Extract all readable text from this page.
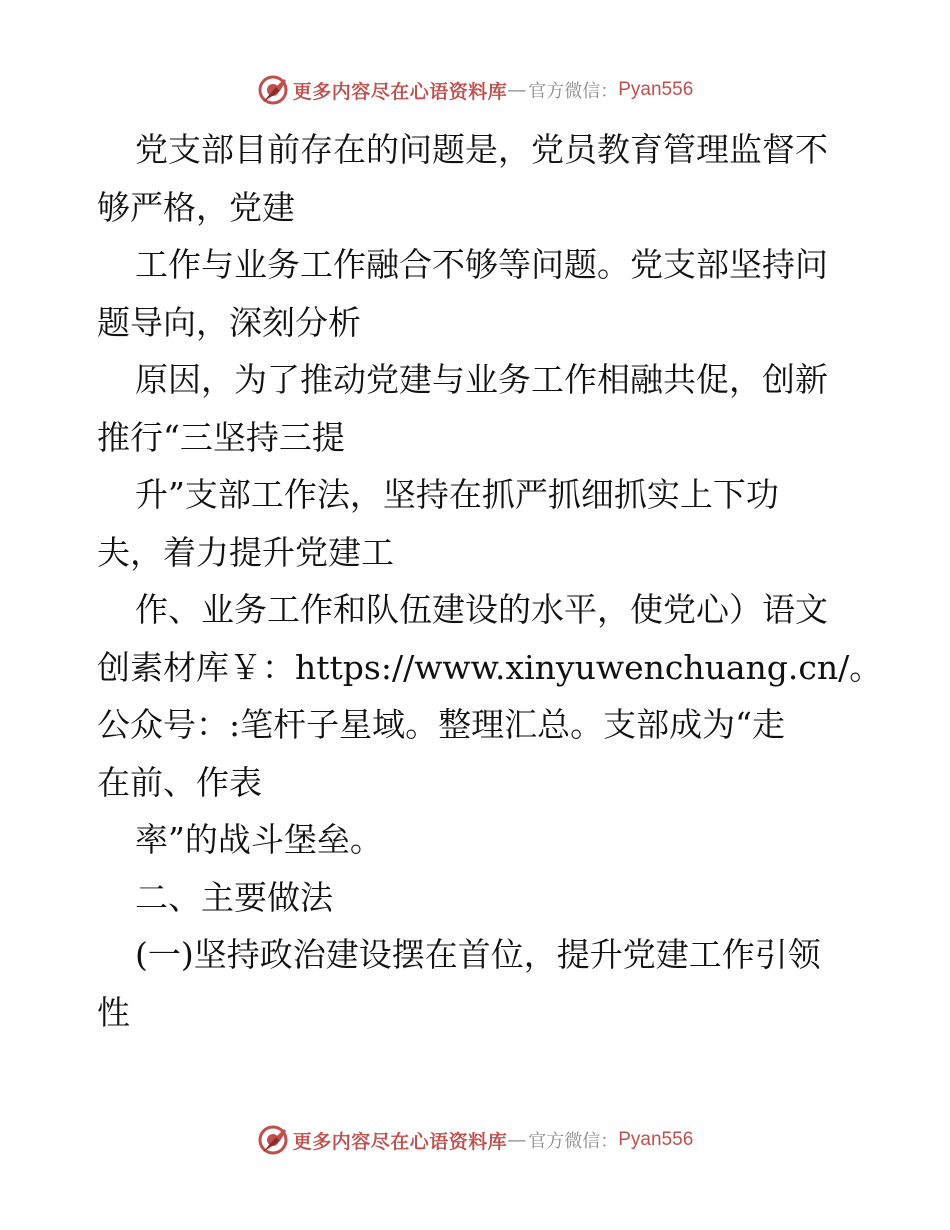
更多内容尽在心语资料库 — 官方微信： Pyan556
党支部目前存在的问题是，党员教育管理监督不
够严格，党建
工作与业务工作融合不够等问题。党支部坚持问
题导向，深刻分析
原因，为了推动党建与业务工作相融共促，创新
推行“三坚持三提
升”支部工作法，坚持在抓严抓细抓实上下功
夫，着力提升党建工
作、业务工作和队伍建设的水平，使党心）语文
创素材库￥：https://www.xinyuwenchuang.cn/。
公众号：:笔杆子星域。整理汇总。支部成为“走
在前、作表
率”的战斗堡垒。
二、主要做法
(一)坚持政治建设摆在首位，提升党建工作引领
性
更多内容尽在心语资料库 — 官方微信： Pyan556
